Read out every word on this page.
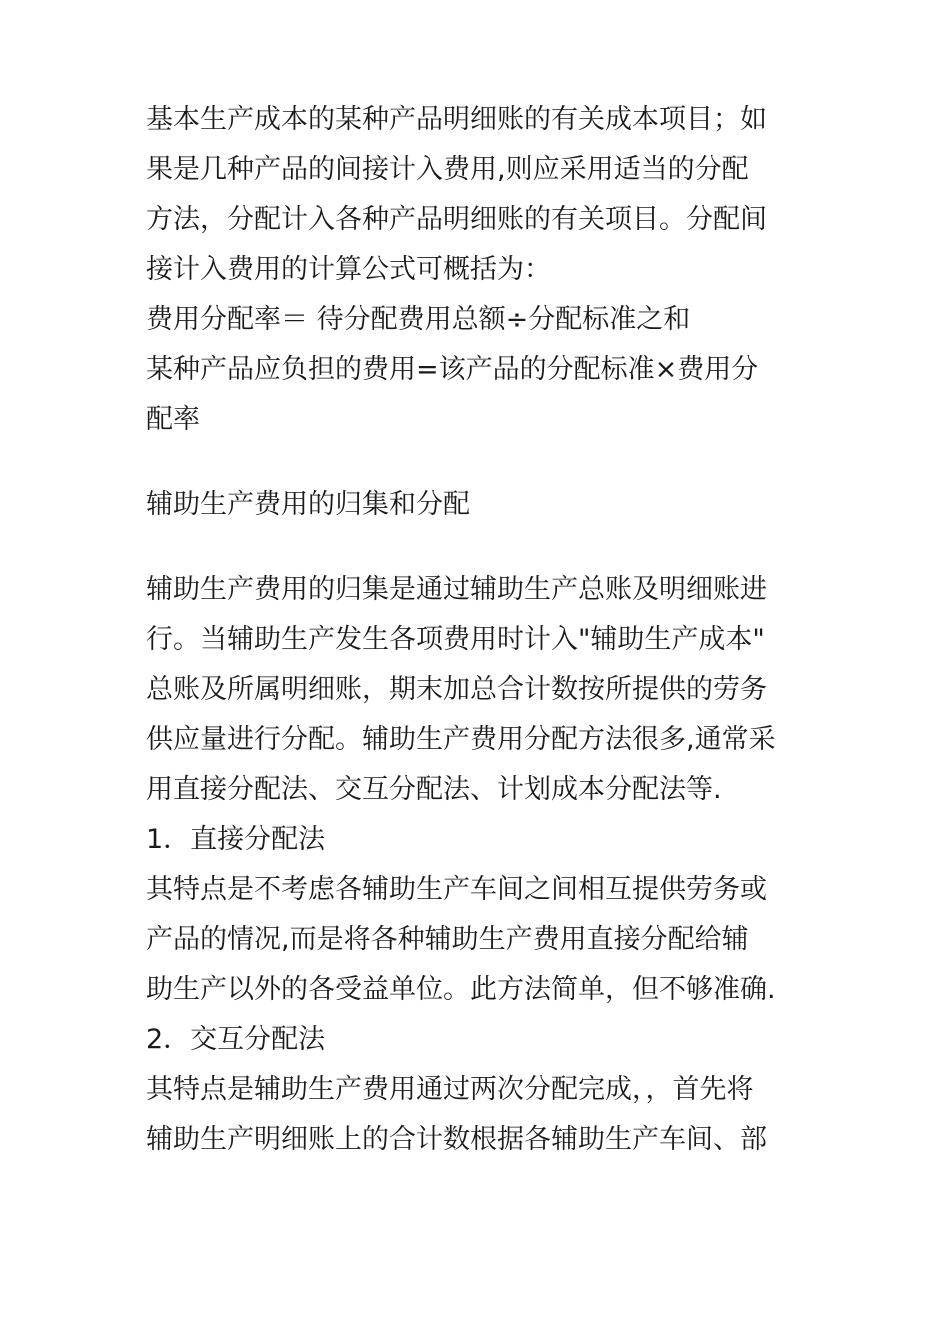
基本生产成本的某种产品明细账的有关成本项目；如
果是几种产品的间接计入费用,则应采用适当的分配
方法，分配计入各种产品明细账的有关项目。分配间
接计入费用的计算公式可概括为：
费用分配率＝ 待分配费用总额÷分配标准之和
某种产品应负担的费用=该产品的分配标准×费用分
配率
辅助生产费用的归集和分配
辅助生产费用的归集是通过辅助生产总账及明细账进
行。当辅助生产发生各项费用时计入"辅助生产成本"
总账及所属明细账，期末加总合计数按所提供的劳务
供应量进行分配。辅助生产费用分配方法很多,通常采
用直接分配法、交互分配法、计划成本分配法等.
1．直接分配法
其特点是不考虑各辅助生产车间之间相互提供劳务或
产品的情况,而是将各种辅助生产费用直接分配给辅
助生产以外的各受益单位。此方法简单，但不够准确.
2．交互分配法
其特点是辅助生产费用通过两次分配完成，，首先将
辅助生产明细账上的合计数根据各辅助生产车间、部
